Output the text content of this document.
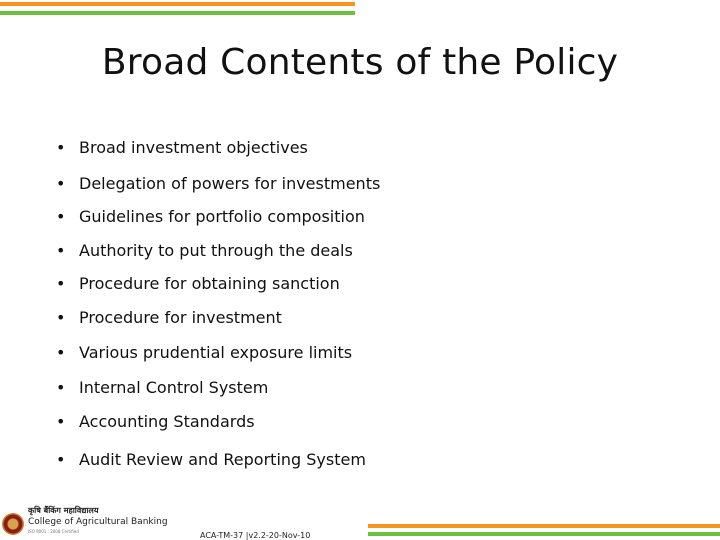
Broad Contents of the Policy
• Broad investment objectives
• Delegation of powers for investments
• Guidelines for portfolio composition
• Authority to put through the deals
• Procedure for obtaining sanction
• Procedure for investment
• Various prudential exposure limits
• Internal Control System
• Accounting Standards
• Audit Review and Reporting System
कृषि बैंकिंग महाविद्यालय
College of Agricultural Banking
ISO 9001 : 2008 Certified	ACA-TM-37 |v2.2-20-Nov-10
